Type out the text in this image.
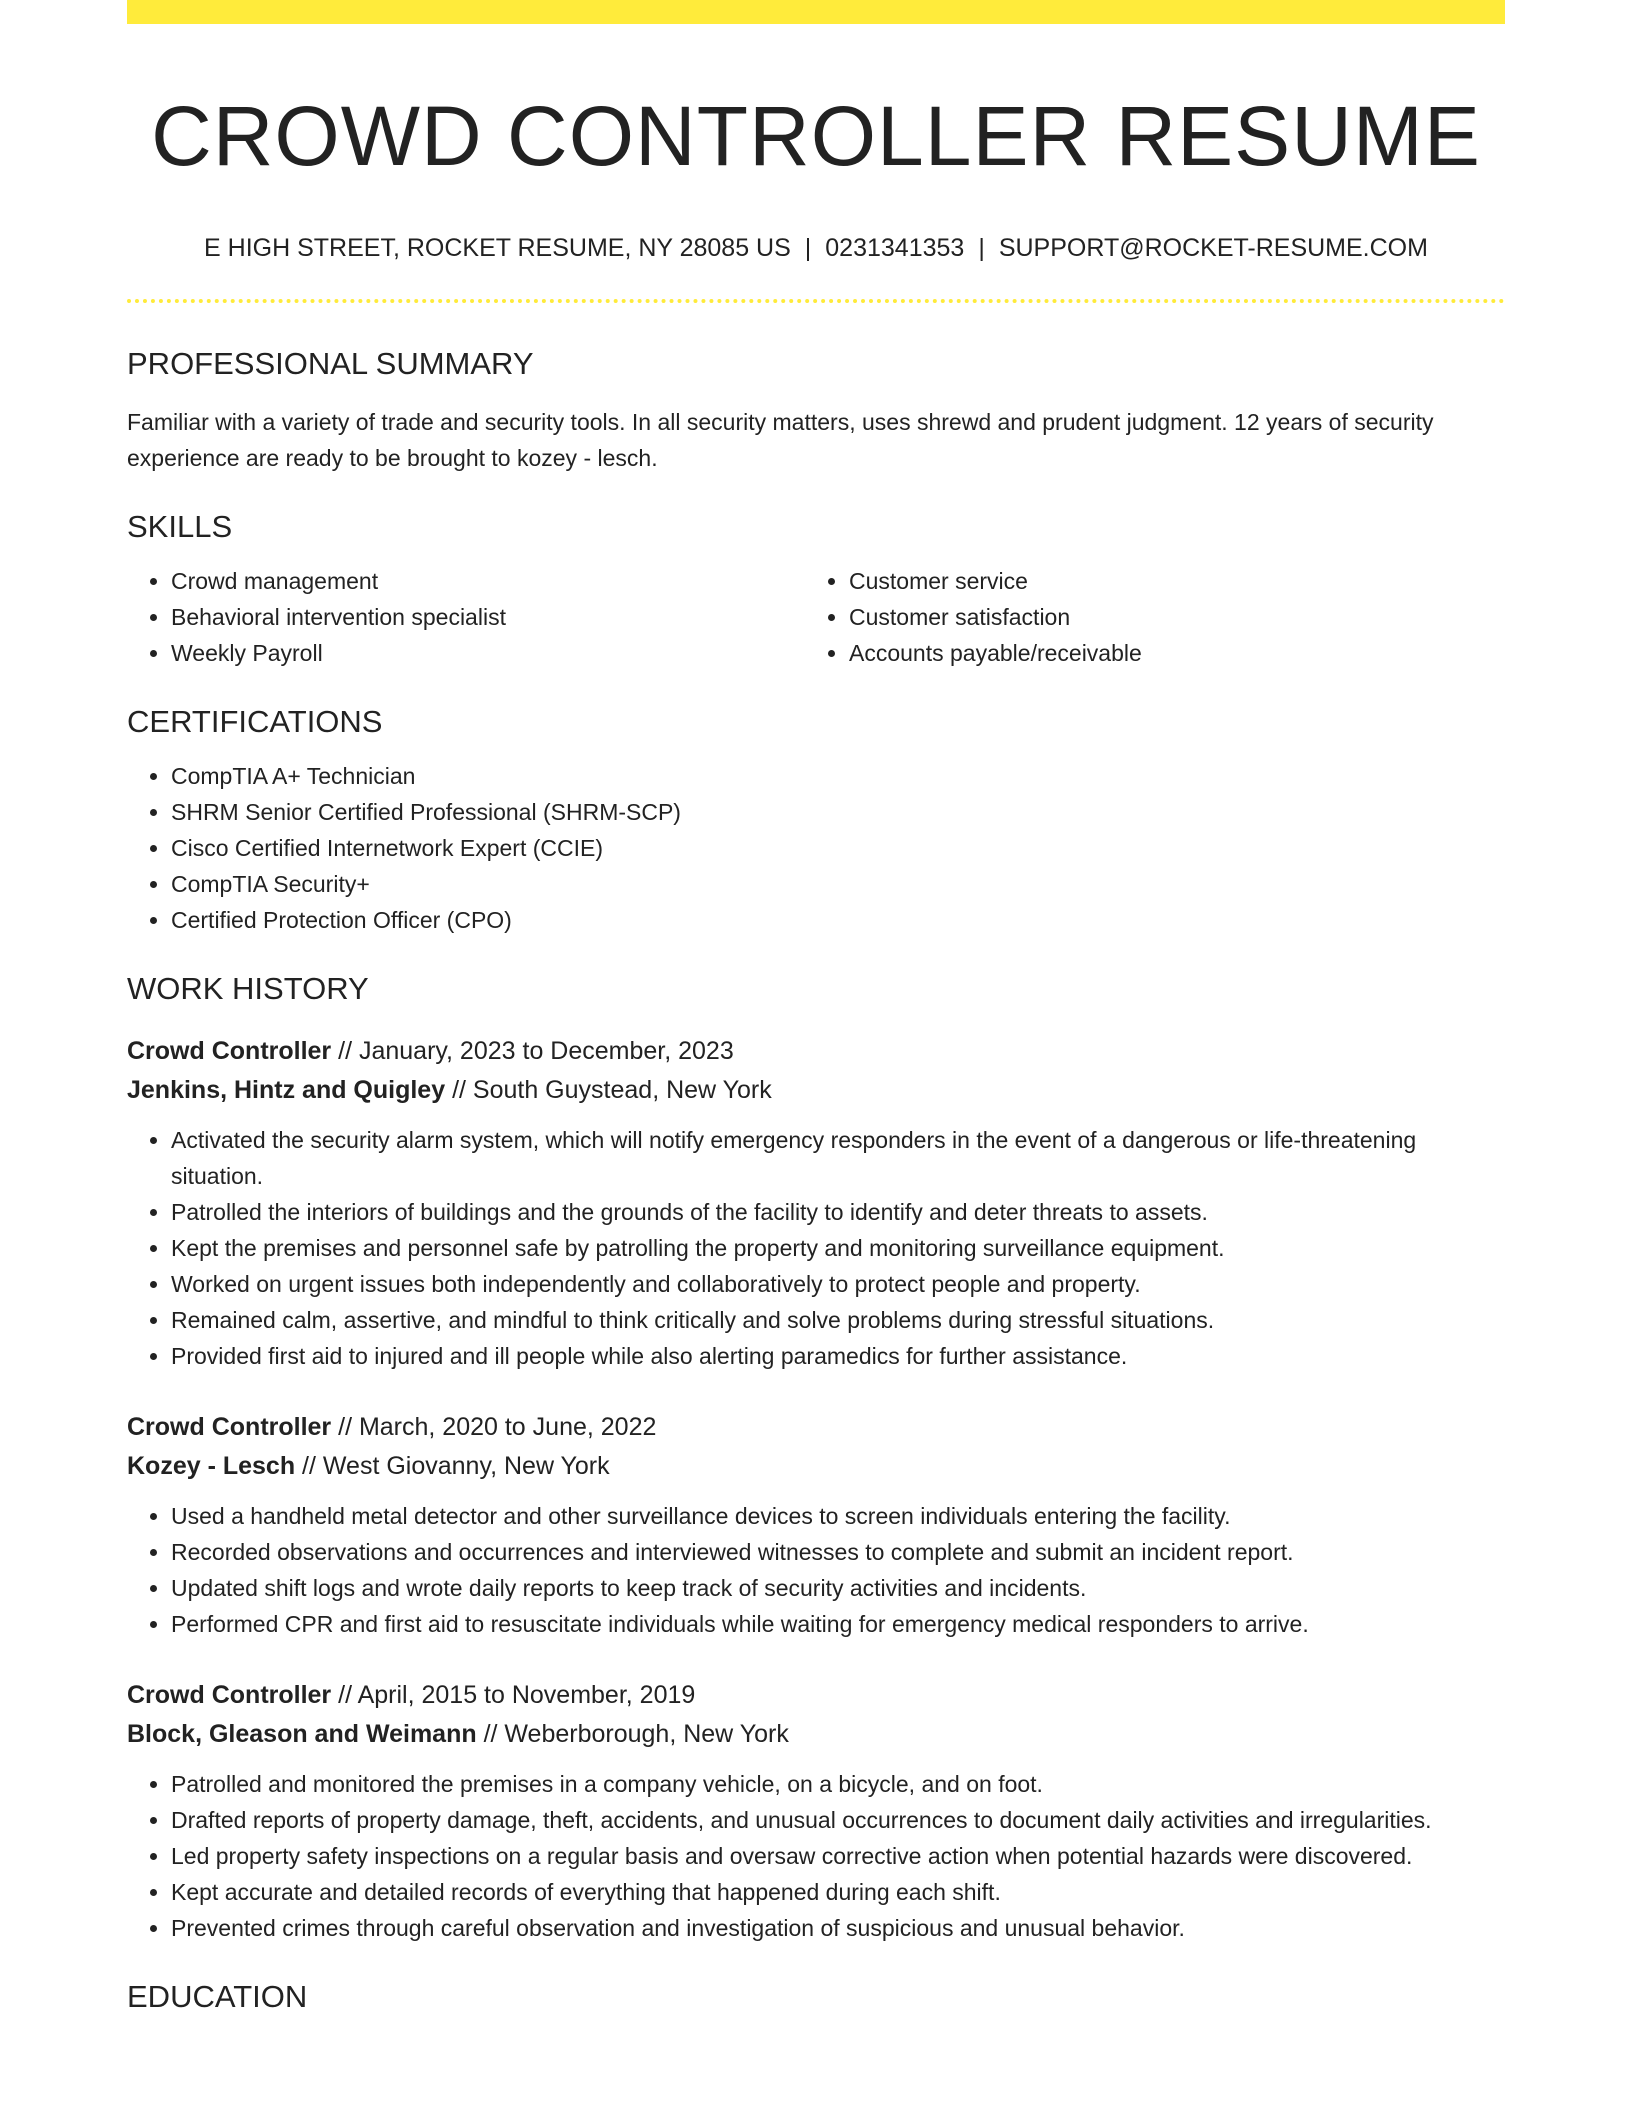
CROWD CONTROLLER RESUME
E HIGH STREET, ROCKET RESUME, NY 28085 US | 0231341353 | SUPPORT@ROCKET-RESUME.COM
PROFESSIONAL SUMMARY

Familiar with a variety of trade and security tools. In all security matters, uses shrewd and prudent judgment. 12 years of security experience are ready to be brought to kozey - lesch.

SKILLS
• Crowd management
• Behavioral intervention specialist
• Weekly Payroll
• Customer service
• Customer satisfaction
• Accounts payable/receivable
CERTIFICATIONS
• CompTIA A+ Technician
• SHRM Senior Certified Professional (SHRM-SCP)
• Cisco Certified Internetwork Expert (CCIE)
• CompTIA Security+
• Certified Protection Officer (CPO)
WORK HISTORY
Crowd Controller // January, 2023 to December, 2023
Jenkins, Hintz and Quigley // South Guystead, New York
• Activated the security alarm system, which will notify emergency responders in the event of a dangerous or life-threatening situation.
• Patrolled the interiors of buildings and the grounds of the facility to identify and deter threats to assets.
• Kept the premises and personnel safe by patrolling the property and monitoring surveillance equipment.
• Worked on urgent issues both independently and collaboratively to protect people and property.
• Remained calm, assertive, and mindful to think critically and solve problems during stressful situations.
• Provided first aid to injured and ill people while also alerting paramedics for further assistance.
Crowd Controller // March, 2020 to June, 2022
Kozey - Lesch // West Giovanny, New York
• Used a handheld metal detector and other surveillance devices to screen individuals entering the facility.
• Recorded observations and occurrences and interviewed witnesses to complete and submit an incident report.
• Updated shift logs and wrote daily reports to keep track of security activities and incidents.
• Performed CPR and first aid to resuscitate individuals while waiting for emergency medical responders to arrive.
Crowd Controller // April, 2015 to November, 2019
Block, Gleason and Weimann // Weberborough, New York
• Patrolled and monitored the premises in a company vehicle, on a bicycle, and on foot.
• Drafted reports of property damage, theft, accidents, and unusual occurrences to document daily activities and irregularities.
• Led property safety inspections on a regular basis and oversaw corrective action when potential hazards were discovered.
• Kept accurate and detailed records of everything that happened during each shift.
• Prevented crimes through careful observation and investigation of suspicious and unusual behavior.
EDUCATION
